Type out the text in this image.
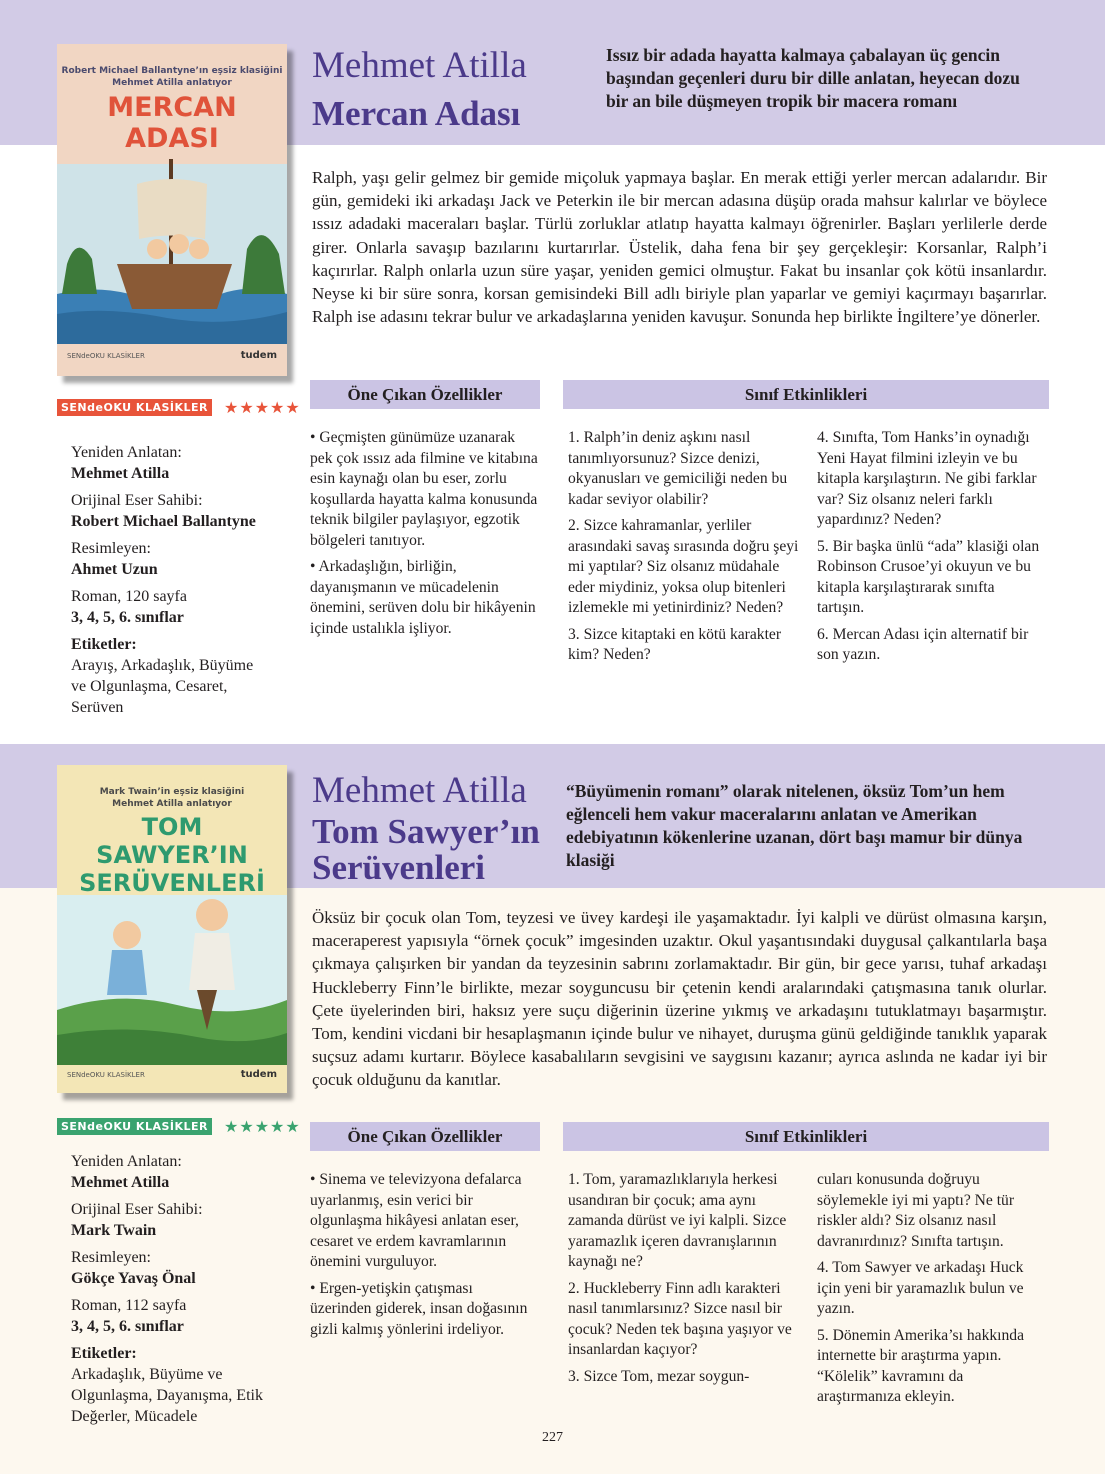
Robert Michael Ballantyne’ın eşsiz klasiğini
Mehmet Atilla anlatıyor
MERCAN ADASI
SENdeOKU KLASİKLER	tudem
Mehmet Atilla
Mercan Adası
Issız bir adada hayatta kalmaya çabalayan üç gencin başından geçenleri duru bir dille anlatan, heyecan dozu bir an bile düşmeyen tropik bir macera romanı
Ralph, yaşı gelir gelmez bir gemide miçoluk yapmaya başlar. En merak ettiği yerler mercan adalarıdır. Bir gün, gemideki iki arkadaşı Jack ve Peterkin ile bir mercan adasına düşüp orada mahsur kalırlar ve böylece ıssız adadaki maceraları başlar. Türlü zorluklar atlatıp hayatta kalmayı öğrenirler. Başları yerlilerle derde girer. Onlarla savaşıp bazılarını kurtarırlar. Üstelik, daha fena bir şey gerçekleşir: Korsanlar, Ralph’i kaçırırlar. Ralph onlarla uzun süre yaşar, yeniden gemici olmuştur. Fakat bu insanlar çok kötü insanlardır. Neyse ki bir süre sonra, korsan gemisindeki Bill adlı biriyle plan yaparlar ve gemiyi kaçırmayı başarırlar. Ralph ise adasını tekrar bulur ve arkadaşlarına yeniden kavuşur. Sonunda hep birlikte İngiltere’ye dönerler.
SENdeOKU KLASİKLER ★★★★★
Yeniden Anlatan:
Mehmet Atilla
Orijinal Eser Sahibi:
Robert Michael Ballantyne
Resimleyen:
Ahmet Uzun
Roman, 120 sayfa
3, 4, 5, 6. sınıflar
Etiketler:
Arayış, Arkadaşlık, Büyüme ve Olgunlaşma, Cesaret, Serüven
Öne Çıkan Özellikler	Sınıf Etkinlikleri

• Geçmişten günümüze uzanarak pek çok ıssız ada filmine ve kitabına esin kaynağı olan bu eser, zorlu koşullarda hayatta kalma konusunda teknik bilgiler paylaşıyor, egzotik bölgeleri tanıtıyor.

• Arkadaşlığın, birliğin, dayanışmanın ve mücadelenin önemini, serüven dolu bir hikâyenin içinde ustalıkla işliyor.

1. Ralph’in deniz aşkını nasıl tanımlıyorsunuz? Sizce denizi, okyanusları ve gemiciliği neden bu kadar seviyor olabilir?

2. Sizce kahramanlar, yerliler arasındaki savaş sırasında doğru şeyi mi yaptılar? Siz olsanız müdahale eder miydiniz, yoksa olup bitenleri izlemekle mi yetinirdiniz? Neden?

3. Sizce kitaptaki en kötü karakter kim? Neden?

4. Sınıfta, Tom Hanks’in oynadığı Yeni Hayat filmini izleyin ve bu kitapla karşılaştırın. Ne gibi farklar var? Siz olsanız neleri farklı yapardınız? Neden?

5. Bir başka ünlü “ada” klasiği olan Robinson Crusoe’yi okuyun ve bu kitapla karşılaştırarak sınıfta tartışın.

6. Mercan Adası için alternatif bir son yazın.

Mark Twain’in eşsiz klasiğini
Mehmet Atilla anlatıyor
TOM SAWYER’IN SERÜVENLERİ
SENdeOKU KLASİKLER	tudem
Mehmet Atilla
Tom Sawyer’ın
Serüvenleri
“Büyümenin romanı” olarak nitelenen, öksüz Tom’un hem eğlenceli hem vakur maceralarını anlatan ve Amerikan edebiyatının kökenlerine uzanan, dört başı mamur bir dünya klasiği
Öksüz bir çocuk olan Tom, teyzesi ve üvey kardeşi ile yaşamaktadır. İyi kalpli ve dürüst olmasına karşın, maceraperest yapısıyla “örnek çocuk” imgesinden uzaktır. Okul yaşantısındaki duygusal çalkantılarla başa çıkmaya çalışırken bir yandan da teyzesinin sabrını zorlamaktadır. Bir gün, bir gece yarısı, tuhaf arkadaşı Huckleberry Finn’le birlikte, mezar soyguncusu bir çetenin kendi aralarındaki çatışmasına tanık olurlar. Çete üyelerinden biri, haksız yere suçu diğerinin üzerine yıkmış ve arkadaşını tutuklatmayı başarmıştır. Tom, kendini vicdani bir hesaplaşmanın içinde bulur ve nihayet, duruşma günü geldiğinde tanıklık yaparak suçsuz adamı kurtarır. Böylece kasabalıların sevgisini ve saygısını kazanır; ayrıca aslında ne kadar iyi bir çocuk olduğunu da kanıtlar.
SENdeOKU KLASİKLER ★★★★★
Yeniden Anlatan:
Mehmet Atilla
Orijinal Eser Sahibi:
Mark Twain
Resimleyen:
Gökçe Yavaş Önal
Roman, 112 sayfa
3, 4, 5, 6. sınıflar
Etiketler:
Arkadaşlık, Büyüme ve Olgunlaşma, Dayanışma, Etik Değerler, Mücadele
Öne Çıkan Özellikler	Sınıf Etkinlikleri

• Sinema ve televizyona defalarca uyarlanmış, esin verici bir olgunlaşma hikâyesi anlatan eser, cesaret ve erdem kavramlarının önemini vurguluyor.

• Ergen-yetişkin çatışması üzerinden giderek, insan doğasının gizli kalmış yönlerini irdeliyor.

1. Tom, yaramazlıklarıyla herkesi usandıran bir çocuk; ama aynı zamanda dürüst ve iyi kalpli. Sizce yaramazlık içeren davranışlarının kaynağı ne?

2. Huckleberry Finn adlı karakteri nasıl tanımlarsınız? Sizce nasıl bir çocuk? Neden tek başına yaşıyor ve insanlardan kaçıyor?

3. Sizce Tom, mezar soygun-

cuları konusunda doğruyu söylemekle iyi mi yaptı? Ne tür riskler aldı? Siz olsanız nasıl davranırdınız? Sınıfta tartışın.

4. Tom Sawyer ve arkadaşı Huck için yeni bir yaramazlık bulun ve yazın.

5. Dönemin Amerika’sı hakkında internette bir araştırma yapın. “Kölelik” kavramını da araştırmanıza ekleyin.

227
